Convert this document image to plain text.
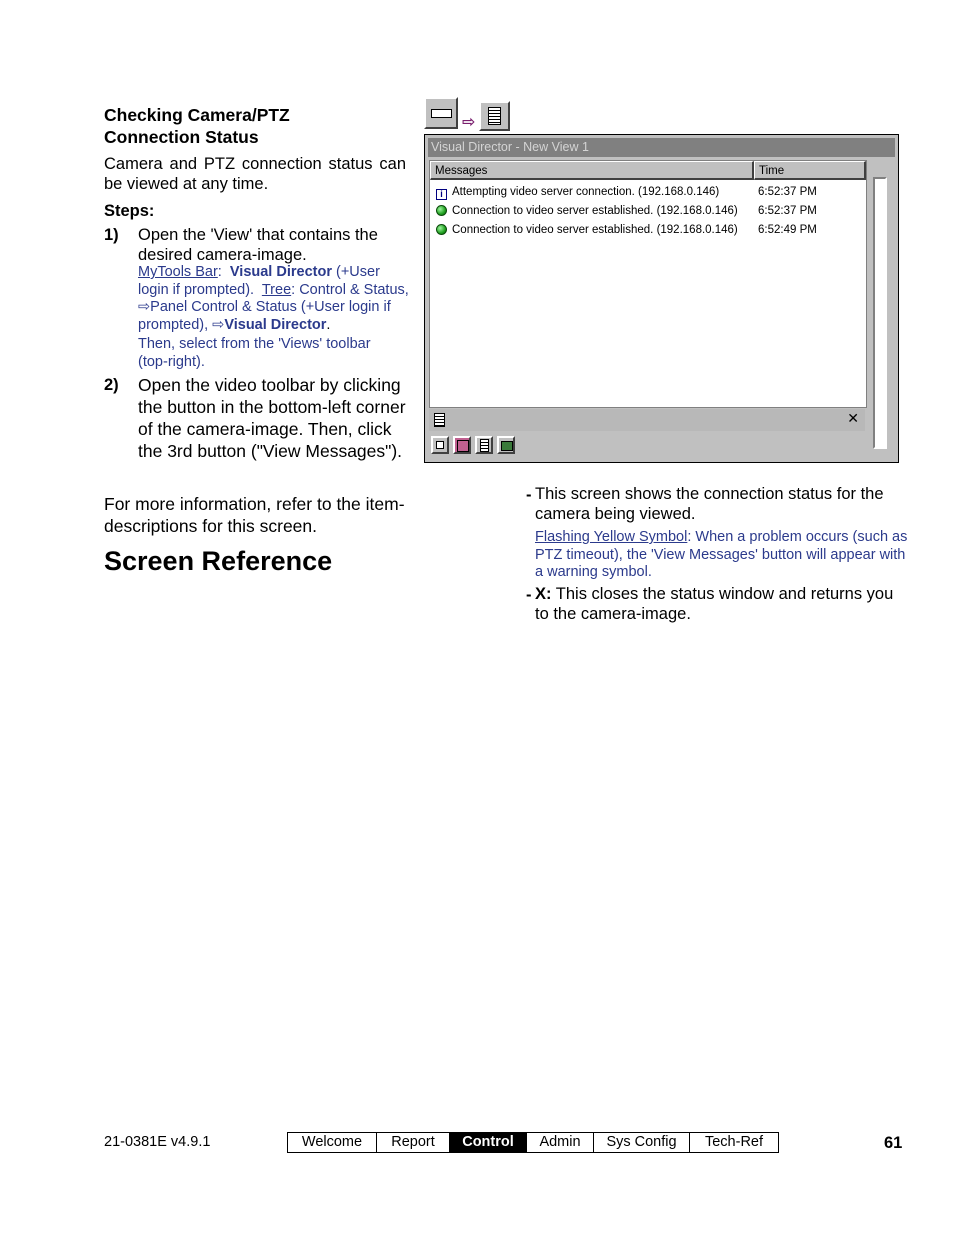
Checking Camera/PTZ
Connection Status
Camera and PTZ connection status can be viewed at any time.
Steps:
1) Open the 'View' that contains the desired camera-image.
MyTools Bar: Visual Director (+User login if prompted). Tree: Control & Status, ⇨Panel Control & Status (+User login if prompted), ⇨Visual Director.
Then, select from the 'Views' toolbar (top-right).
2) Open the video toolbar by clicking the button in the bottom-left corner of the camera-image. Then, click the 3rd button ("View Messages").
For more information, refer to the item-descriptions for this screen.
Screen Reference
⇨
Visual Director - New View 1
Messages	Time
i Attempting video server connection. (192.168.0.146)	6:52:37 PM
Connection to video server established. (192.168.0.146) 6:52:37 PM
Connection to video server established. (192.168.0.146) 6:52:49 PM
✕
- This screen shows the connection status for the camera being viewed.
Flashing Yellow Symbol: When a problem occurs (such as PTZ timeout), the 'View Messages' button will appear with a warning symbol.
- X: This closes the status window and returns you to the camera-image.
21-0381E v4.9.1	Welcome	Report	Control	Admin	Sys Config	Tech-Ref	61
